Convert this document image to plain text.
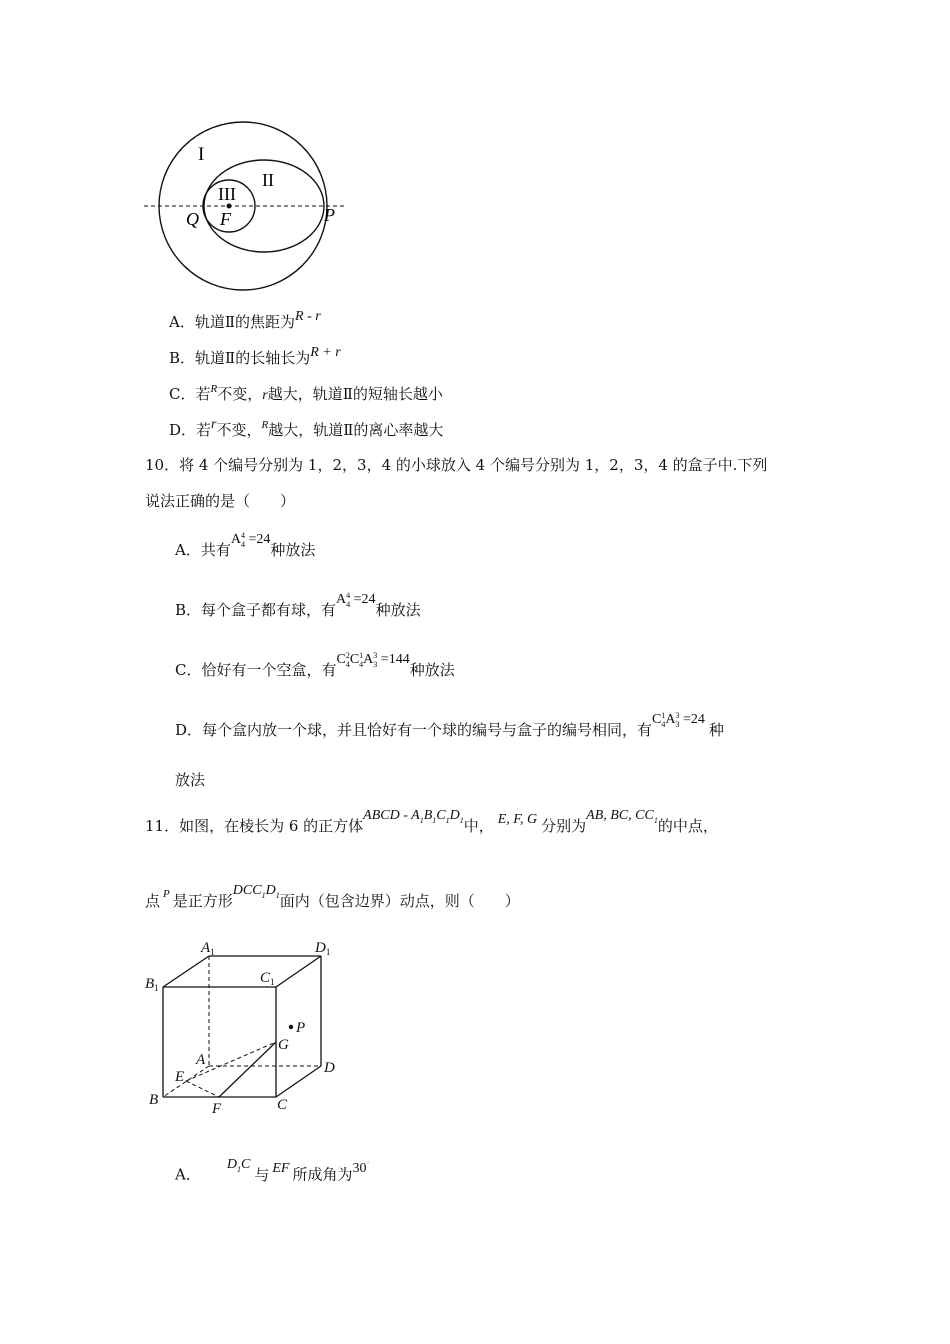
I
II
III
Q F	P
A．轨道Ⅱ的焦距为R - r
B．轨道Ⅱ的长轴长为R + r
C．若$^R$不变，r越大，轨道Ⅱ的短轴长越小
D．若r不变，$^R$越大，轨道Ⅱ的离心率越大
10．将 4 个编号分别为 1，2，3，4 的小球放入 4 个编号分别为 1，2，3，4 的盒子中.下列
说法正确的是（　　）
A．共有A 4
4 =24种放法
B．每个盒子都有球，有A 4
4 =24种放法
C．恰好有一个空盒，有C 2
4 C 1
4 A 3
3 =144种放法
D．每个盒内放一个球，并且恰好有一个球的编号与盒子的编号相同，有C 1
4 A 3
3 =24种
放法
11．如图，在棱长为 6 的正方体ABCD - $A_1B_1C_1D_1$中， E, F, G 分别为AB, BC, $CC_1$的中点，
点 $^P$ 是正方形$DCC_1D_1$面内（包含边界）动点，则（　　）
$A_1$	$D_1$
$B_1$
$C_1$
P
G
A	D
E
B
F	C
A．$D_1C$与 EF 所成角为30°
